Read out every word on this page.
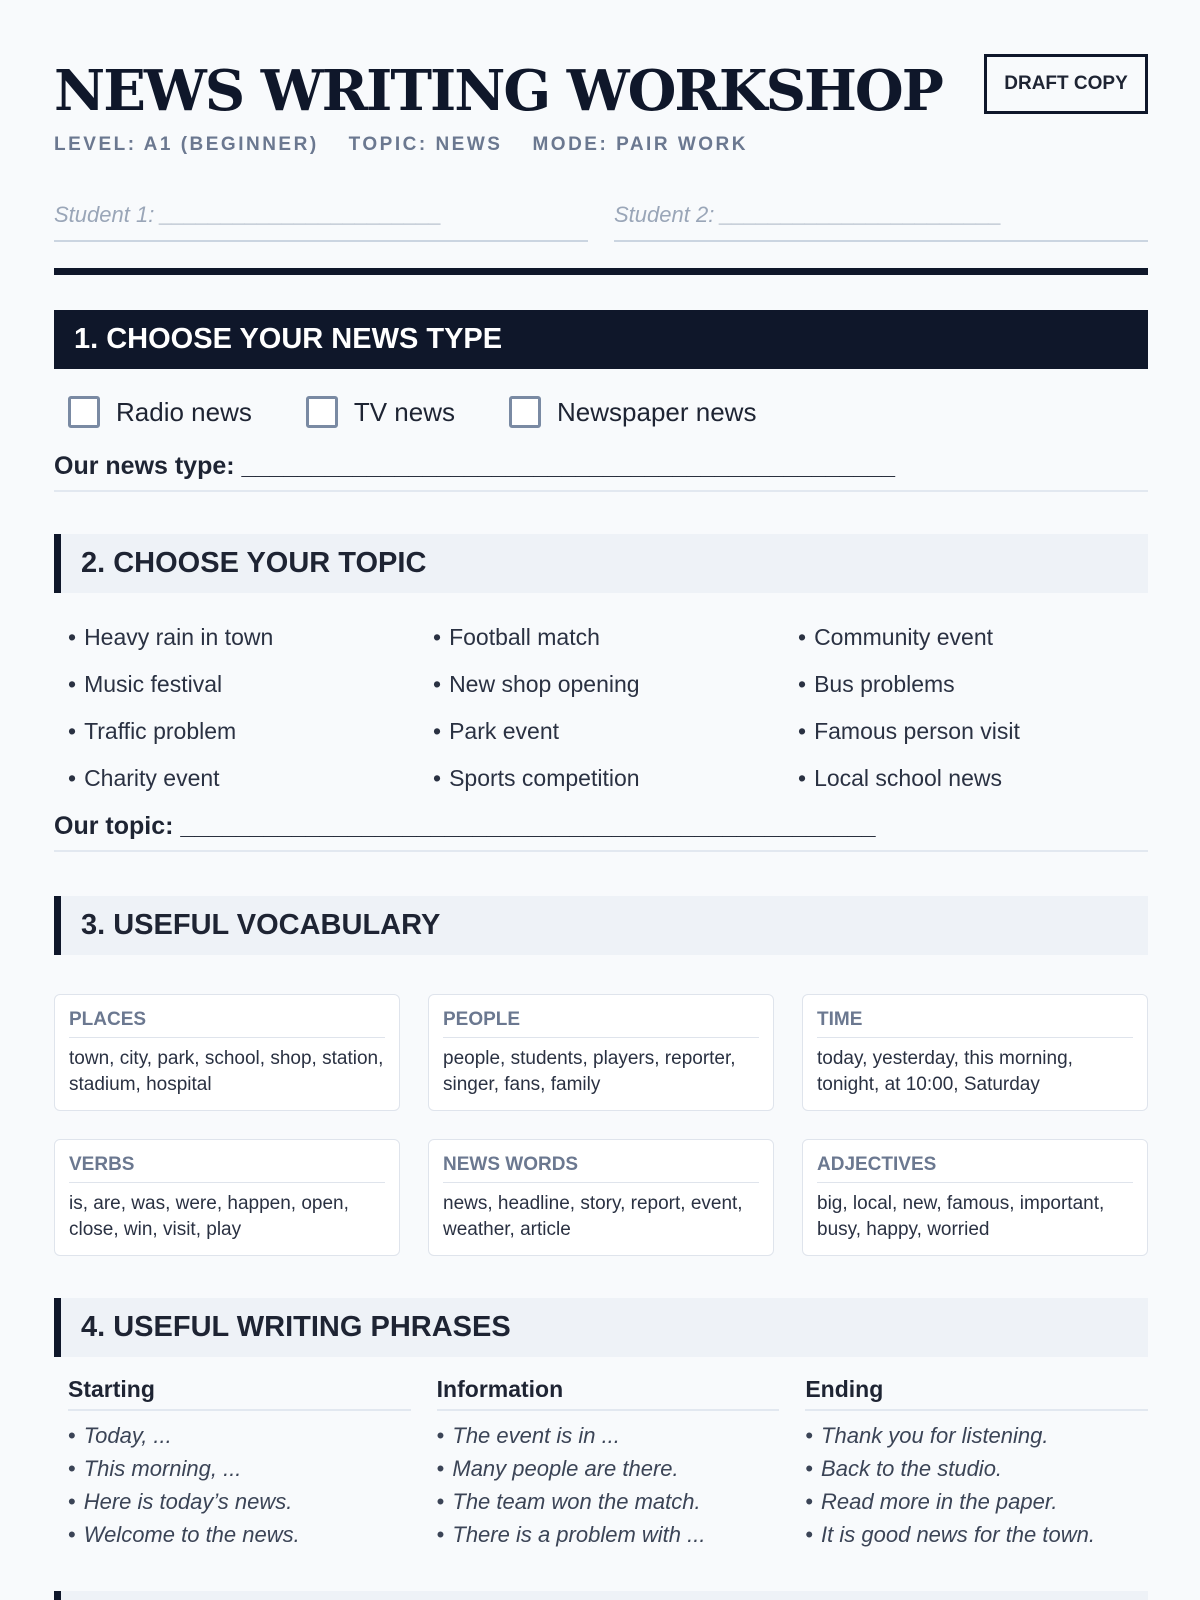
NEWS WRITING WORKSHOP	DRAFT COPY
LEVEL: A1 (BEGINNER) TOPIC: NEWS MODE: PAIR WORK
Student 1: _______________________	Student 2: _______________________
1. CHOOSE YOUR NEWS TYPE
Radio news	TV news	Newspaper news
Our news type: _______________________________________________
2. CHOOSE YOUR TOPIC
• Heavy rain in town	• Football match	• Community event
• Music festival	• New shop opening	• Bus problems
• Traffic problem	• Park event	• Famous person visit
• Charity event	• Sports competition	• Local school news
Our topic: __________________________________________________
3. USEFUL VOCABULARY
PLACES
town, city, park, school, shop, station, stadium, hospital
PEOPLE
people, students, players, reporter, singer, fans, family
TIME
today, yesterday, this morning, tonight, at 10:00, Saturday
VERBS
is, are, was, were, happen, open, close, win, visit, play
NEWS WORDS
news, headline, story, report, event, weather, article
ADJECTIVES
big, local, new, famous, important, busy, happy, worried
4. USEFUL WRITING PHRASES
Starting
• Today, ...
• This morning, ...
• Here is today’s news.
• Welcome to the news.
Information
• The event is in ...
• Many people are there.
• The team won the match.
• There is a problem with ...
Ending
• Thank you for listening.
• Back to the studio.
• Read more in the paper.
• It is good news for the town.
